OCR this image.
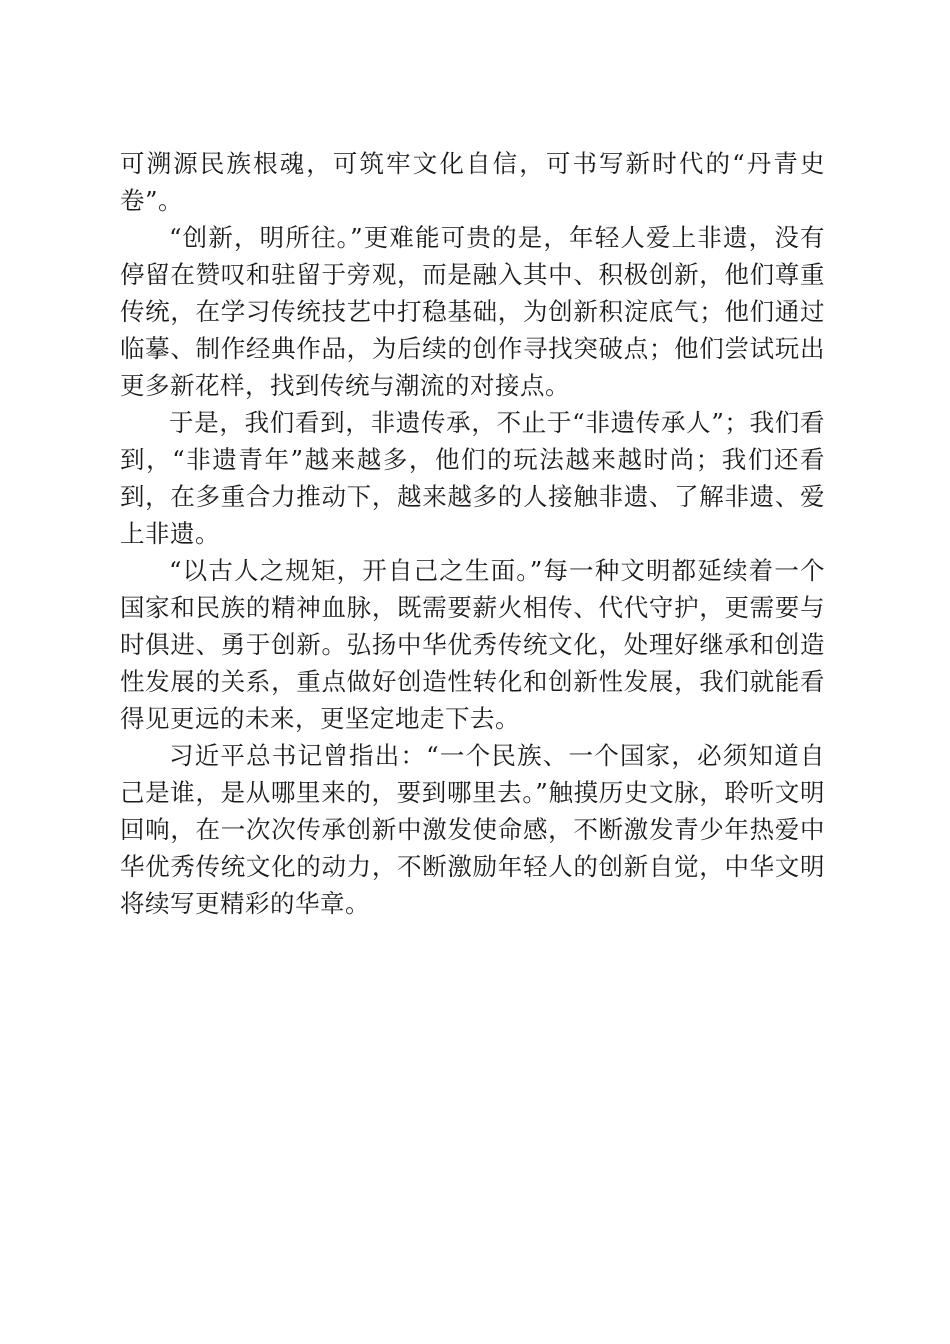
可溯源民族根魂，可筑牢文化自信，可书写新时代的“丹青史卷”。

“创新，明所往。”更难能可贵的是，年轻人爱上非遗，没有停留在赞叹和驻留于旁观，而是融入其中、积极创新，他们尊重传统，在学习传统技艺中打稳基础，为创新积淀底气；他们通过临摹、制作经典作品，为后续的创作寻找突破点；他们尝试玩出更多新花样，找到传统与潮流的对接点。

于是，我们看到，非遗传承，不止于“非遗传承人”；我们看到，“非遗青年”越来越多，他们的玩法越来越时尚；我们还看到，在多重合力推动下，越来越多的人接触非遗、了解非遗、爱上非遗。

“以古人之规矩，开自己之生面。”每一种文明都延续着一个国家和民族的精神血脉，既需要薪火相传、代代守护，更需要与时俱进、勇于创新。弘扬中华优秀传统文化，处理好继承和创造性发展的关系，重点做好创造性转化和创新性发展，我们就能看得见更远的未来，更坚定地走下去。

习近平总书记曾指出：“一个民族、一个国家，必须知道自己是谁，是从哪里来的，要到哪里去。”触摸历史文脉，聆听文明回响，在一次次传承创新中激发使命感，不断激发青少年热爱中华优秀传统文化的动力，不断激励年轻人的创新自觉，中华文明将续写更精彩的华章。
